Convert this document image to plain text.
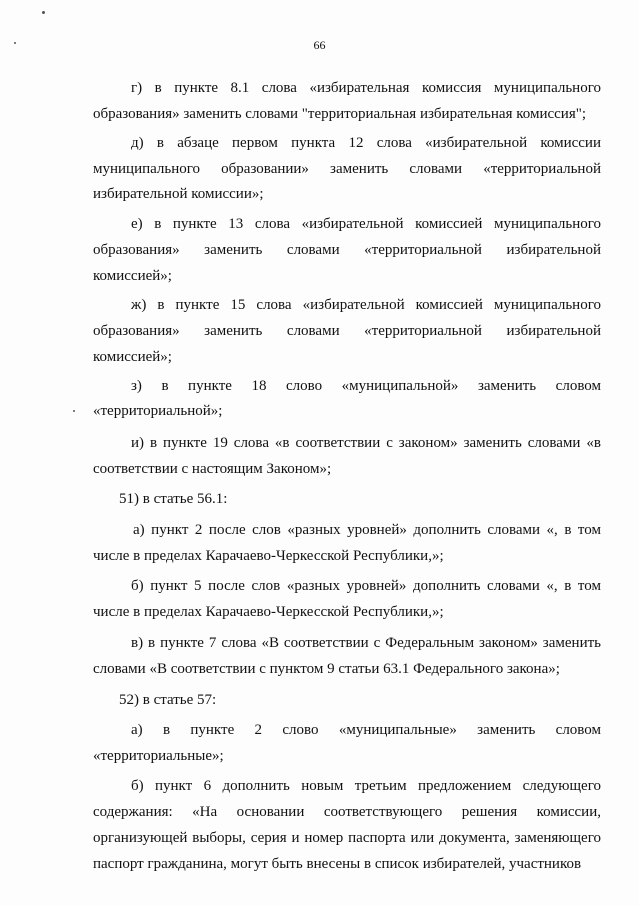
66
г) в пункте 8.1 слова «избирательная комиссия муниципального
образования» заменить словами "территориальная избирательная комиссия";
д) в абзаце первом пункта 12 слова «избирательной комиссии
муниципального образовании» заменить словами «территориальной
избирательной комиссии»;
е) в пункте 13 слова «избирательной комиссией муниципального
образования» заменить словами «территориальной избирательной
комиссией»;
ж) в пункте 15 слова «избирательной комиссией муниципального
образования» заменить словами «территориальной избирательной
комиссией»;
з) в пункте 18 слово «муниципальной» заменить словом
«территориальной»;
и) в пункте 19 слова «в соответствии с законом» заменить словами «в
соответствии с настоящим Законом»;
51) в статье 56.1:
а) пункт 2 после слов «разных уровней» дополнить словами «, в том
числе в пределах Карачаево-Черкесской Республики,»;
б) пункт 5 после слов «разных уровней» дополнить словами «, в том
числе в пределах Карачаево-Черкесской Республики,»;
в) в пункте 7 слова «В соответствии с Федеральным законом» заменить
словами «В соответствии с пунктом 9 статьи 63.1 Федерального закона»;
52) в статье 57:
а) в пункте 2 слово «муниципальные» заменить словом
«территориальные»;
б) пункт 6 дополнить новым третьим предложением следующего
содержания: «На основании соответствующего решения комиссии,
организующей выборы, серия и номер паспорта или документа, заменяющего
паспорт гражданина, могут быть внесены в список избирателей, участников
